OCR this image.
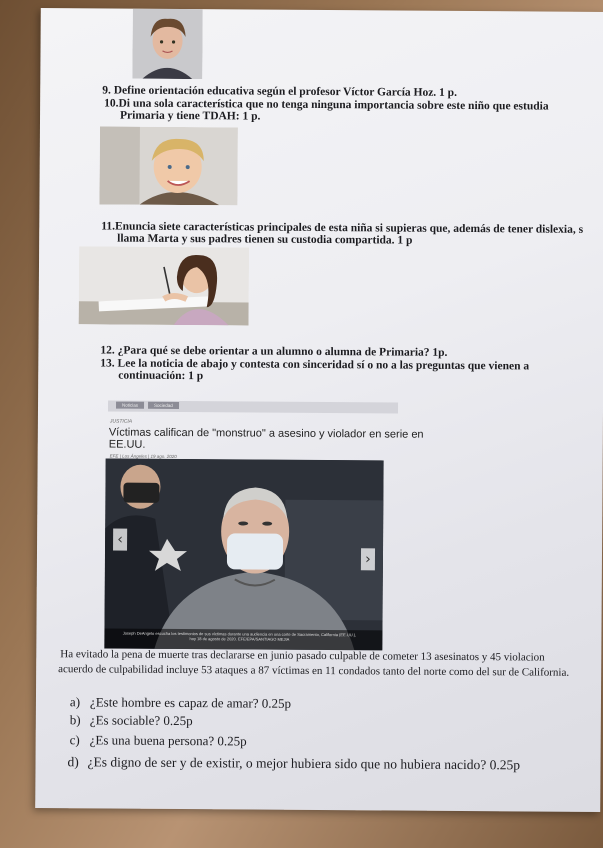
9. Define orientación educativa según el profesor Víctor García Hoz. 1 p.
10.Di una sola característica que no tenga ninguna importancia sobre este niño que estudia
Primaria y tiene TDAH: 1 p.
11.Enuncia siete características principales de esta niña si supieras que, además de tener dislexia, s
llama Marta y sus padres tienen su custodia compartida. 1 p
12. ¿Para qué se debe orientar a un alumno o alumna de Primaria? 1p.
13. Lee la noticia de abajo y contesta con sinceridad sí o no a las preguntas que vienen a
continuación: 1 p
Noticias	Sociedad
JUSTICIA
Víctimas califican de "monstruo" a asesino y violador en serie en EE.UU.
EFE | Los Ángeles | 19 ago. 2020
‹
›
Joseph DeAngelo escucha los testimonios de sus víctimas durante una audiencia en una corte de Sacramento, California (EE.UU.),
hoy 18 de agosto de 2020. EFE/EPA/SANTIAGO MEJIA
Ha evitado la pena de muerte tras declararse en junio pasado culpable de cometer 13 asesinatos y 45 violacion
acuerdo de culpabilidad incluye 53 ataques a 87 víctimas en 11 condados tanto del norte como del sur de California.
a) ¿Este hombre es capaz de amar? 0.25p
b) ¿Es sociable? 0.25p
c) ¿Es una buena persona? 0.25p
d) ¿Es digno de ser y de existir, o mejor hubiera sido que no hubiera nacido? 0.25p
